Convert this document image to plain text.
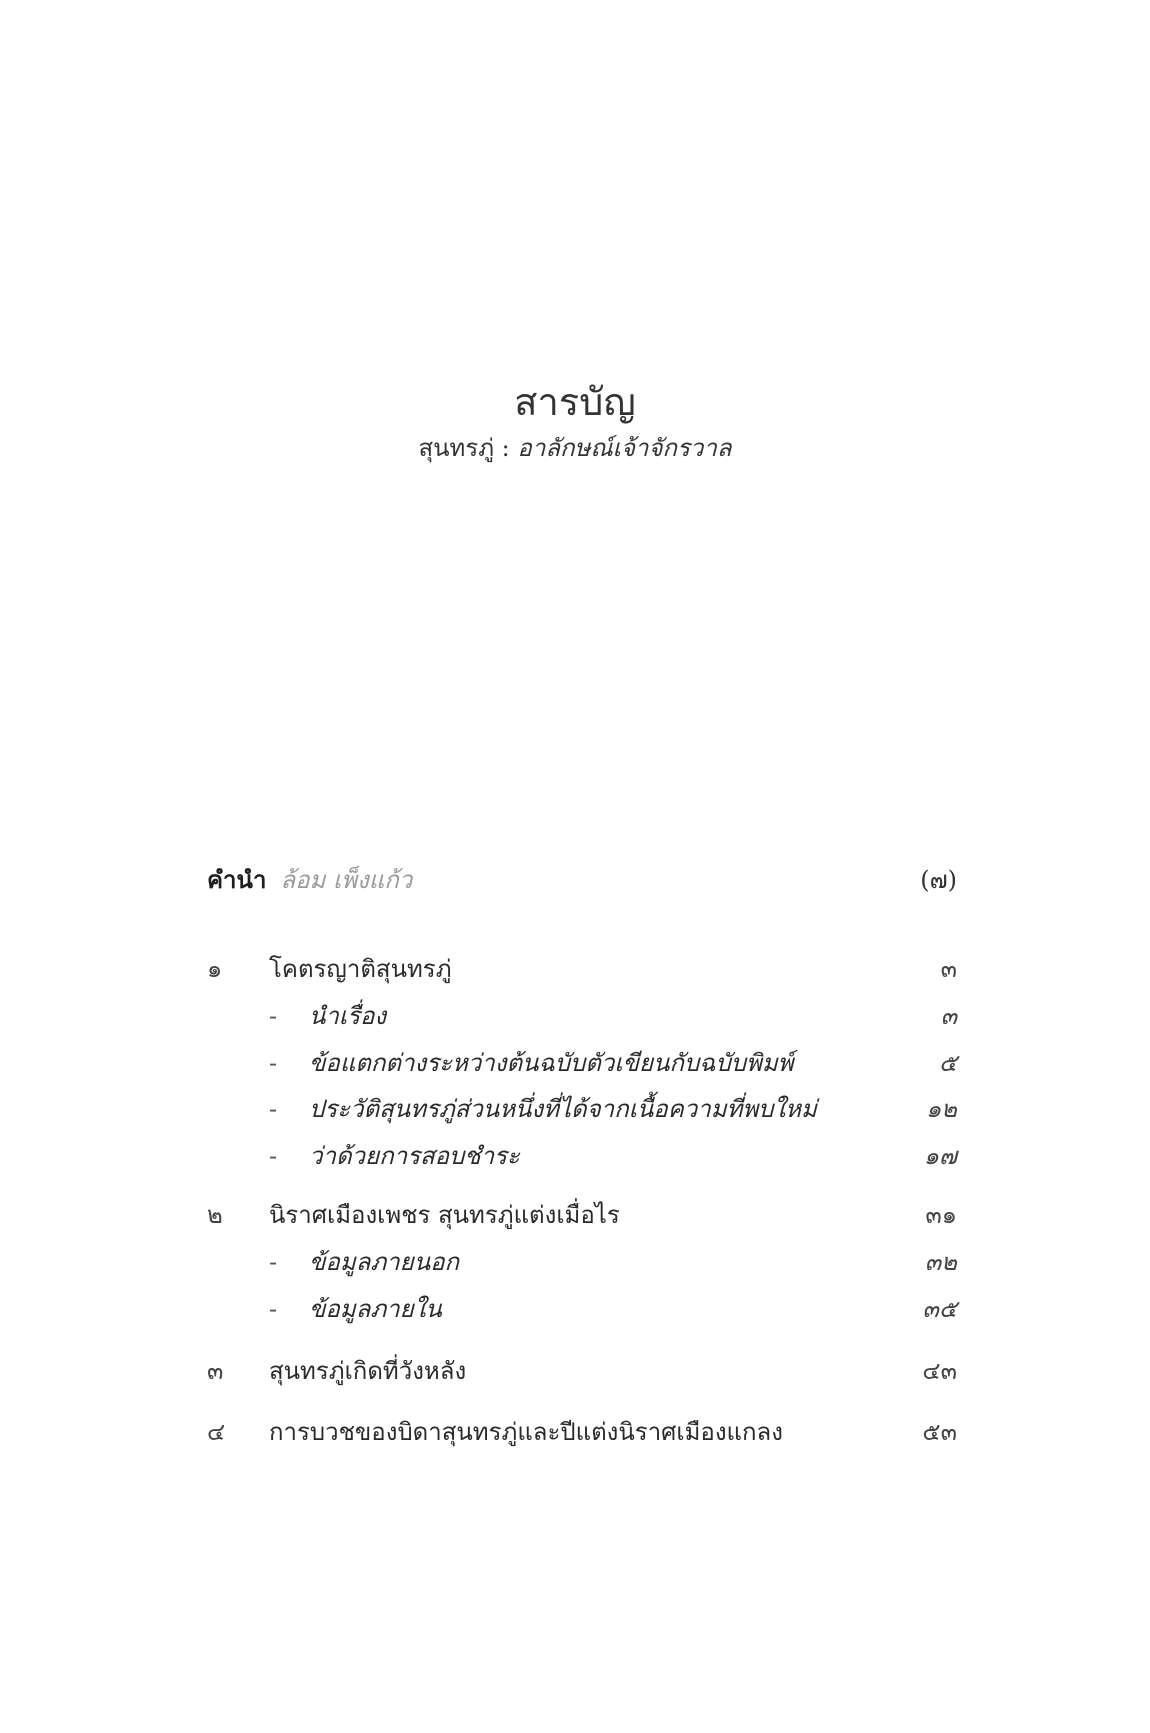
สารบัญ
สุนทรภู่ : อาลักษณ์เจ้าจักรวาล
คำนำ ล้อม เพ็งแก้ว	(๗)
๑	โคตรญาติสุนทรภู่	๓
- นำเรื่อง	๓
- ข้อแตกต่างระหว่างต้นฉบับตัวเขียนกับฉบับพิมพ์	๕
- ประวัติสุนทรภู่ส่วนหนึ่งที่ได้จากเนื้อความที่พบใหม่	๑๒
- ว่าด้วยการสอบชำระ	๑๗
๒	นิราศเมืองเพชร สุนทรภู่แต่งเมื่อไร	๓๑
- ข้อมูลภายนอก	๓๒
- ข้อมูลภายใน	๓๕
๓	สุนทรภู่เกิดที่วังหลัง	๔๓
๔	การบวชของบิดาสุนทรภู่และปีแต่งนิราศเมืองแกลง	๕๓
